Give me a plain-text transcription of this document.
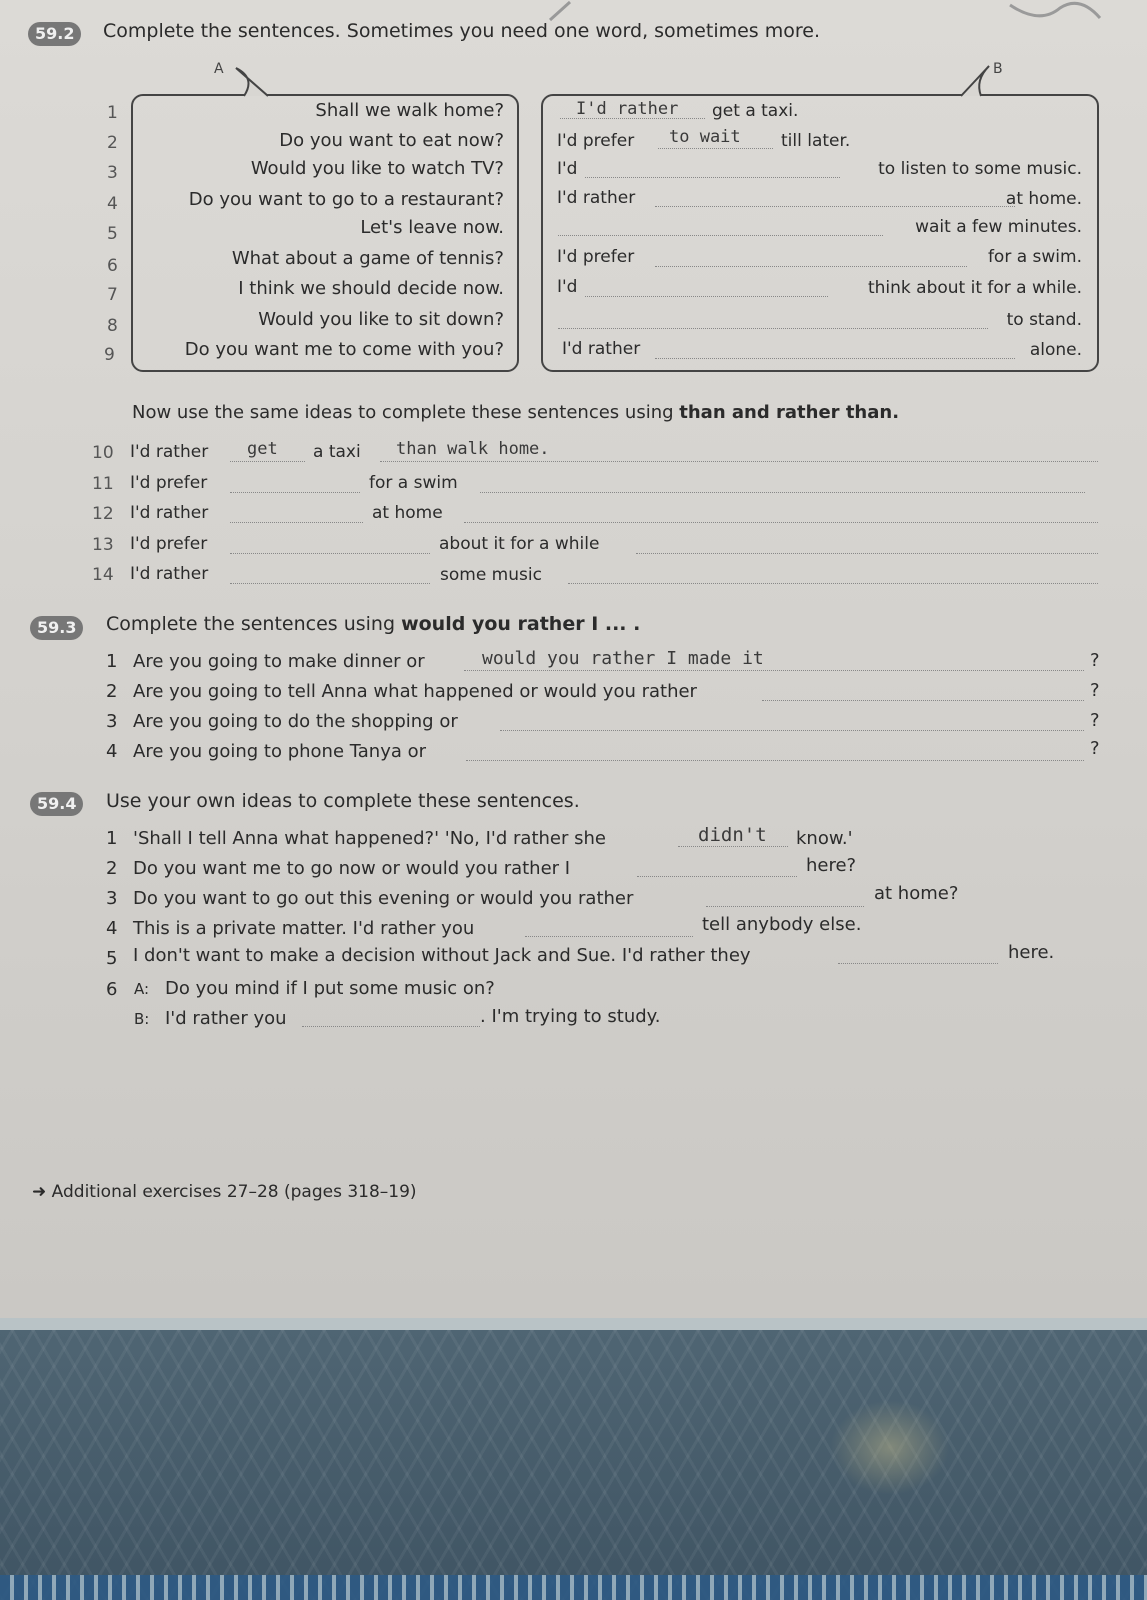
59.2	Complete the sentences. Sometimes you need one word, sometimes more.
A	B
1	Shall we walk home?	I'd rather get a taxi.
2	Do you want to eat now?	I'd prefer to wait till later.
3	Would you like to watch TV?	I'd	to listen to some music.
4	Do you want to go to a restaurant?	I'd rather	at home.
5	Let's leave now.	wait a few minutes.
6	What about a game of tennis?	I'd prefer	for a swim.
7	I think we should decide now.	I'd	think about it for a while.
8	Would you like to sit down?	to stand.
9	Do you want me to come with you?	I'd rather	alone.
Now use the same ideas to complete these sentences using than and rather than.
10 I'd rather get a taxi than walk home.
11 I'd prefer	for a swim
12 I'd rather	at home
13 I'd prefer	about it for a while
14 I'd rather	some music
59.3	Complete the sentences using would you rather I ... .
1 Are you going to make dinner or	would you rather I made it	?
2 Are you going to tell Anna what happened or would you rather	?
3 Are you going to do the shopping or	?
4 Are you going to phone Tanya or	?
59.4	Use your own ideas to complete these sentences.
1 'Shall I tell Anna what happened?' 'No, I'd rather she	didn't know.'
2 Do you want me to go now or would you rather I	here?
3 Do you want to go out this evening or would you rather	at home?
4 This is a private matter. I'd rather you	tell anybody else.
5 I don't want to make a decision without Jack and Sue. I'd rather they	here.
6 A: Do you mind if I put some music on?
B: I'd rather you	. I'm trying to study.
➜ Additional exercises 27–28 (pages 318–19)
